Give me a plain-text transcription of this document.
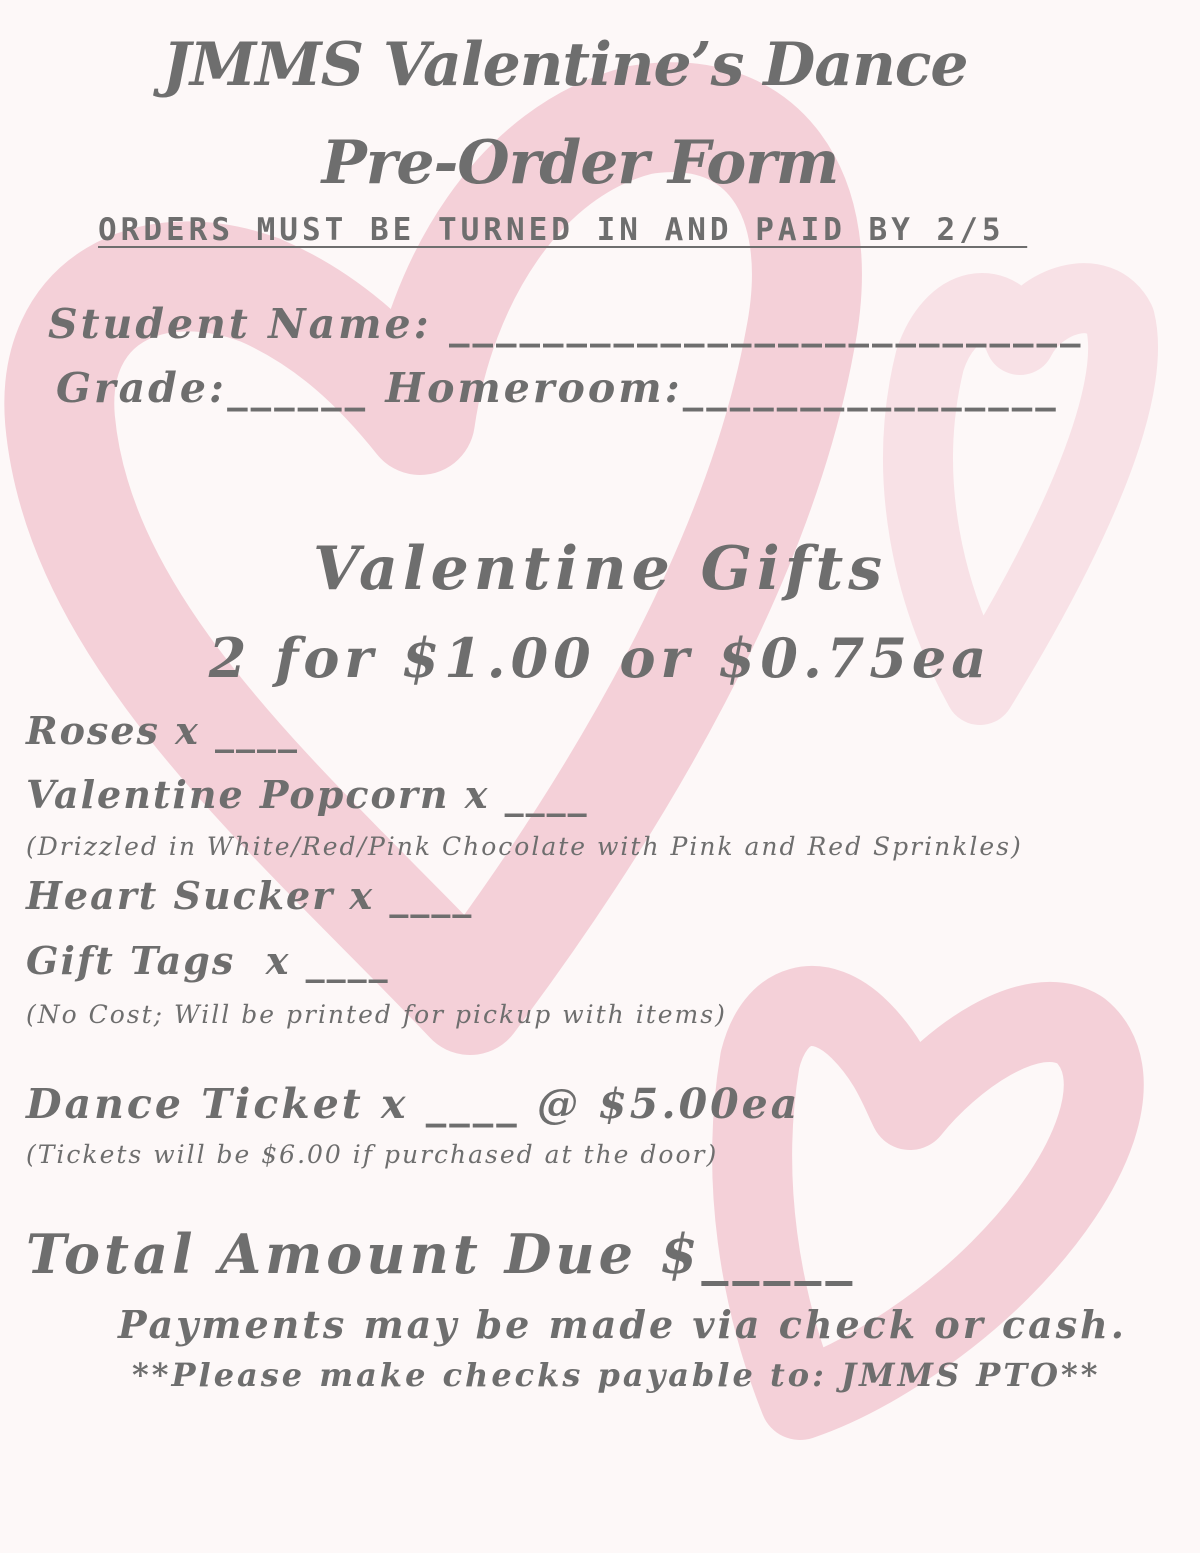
JMMS Valentine’s Dance
Pre-Order Form
ORDERS MUST BE TURNED IN AND PAID BY 2/5
Student Name: ___________________________
Grade:______ Homeroom:________________
Valentine Gifts
2 for $1.00 or $0.75ea
Roses x ____
Valentine Popcorn x ____
(Drizzled in White/Red/Pink Chocolate with Pink and Red Sprinkles)
Heart Sucker x ____
Gift Tags  x ____
(No Cost; Will be printed for pickup with items)
Dance Ticket x ____ @ $5.00ea
(Tickets will be $6.00 if purchased at the door)
Total Amount Due $_____
Payments may be made via check or cash.
**Please make checks payable to: JMMS PTO**
